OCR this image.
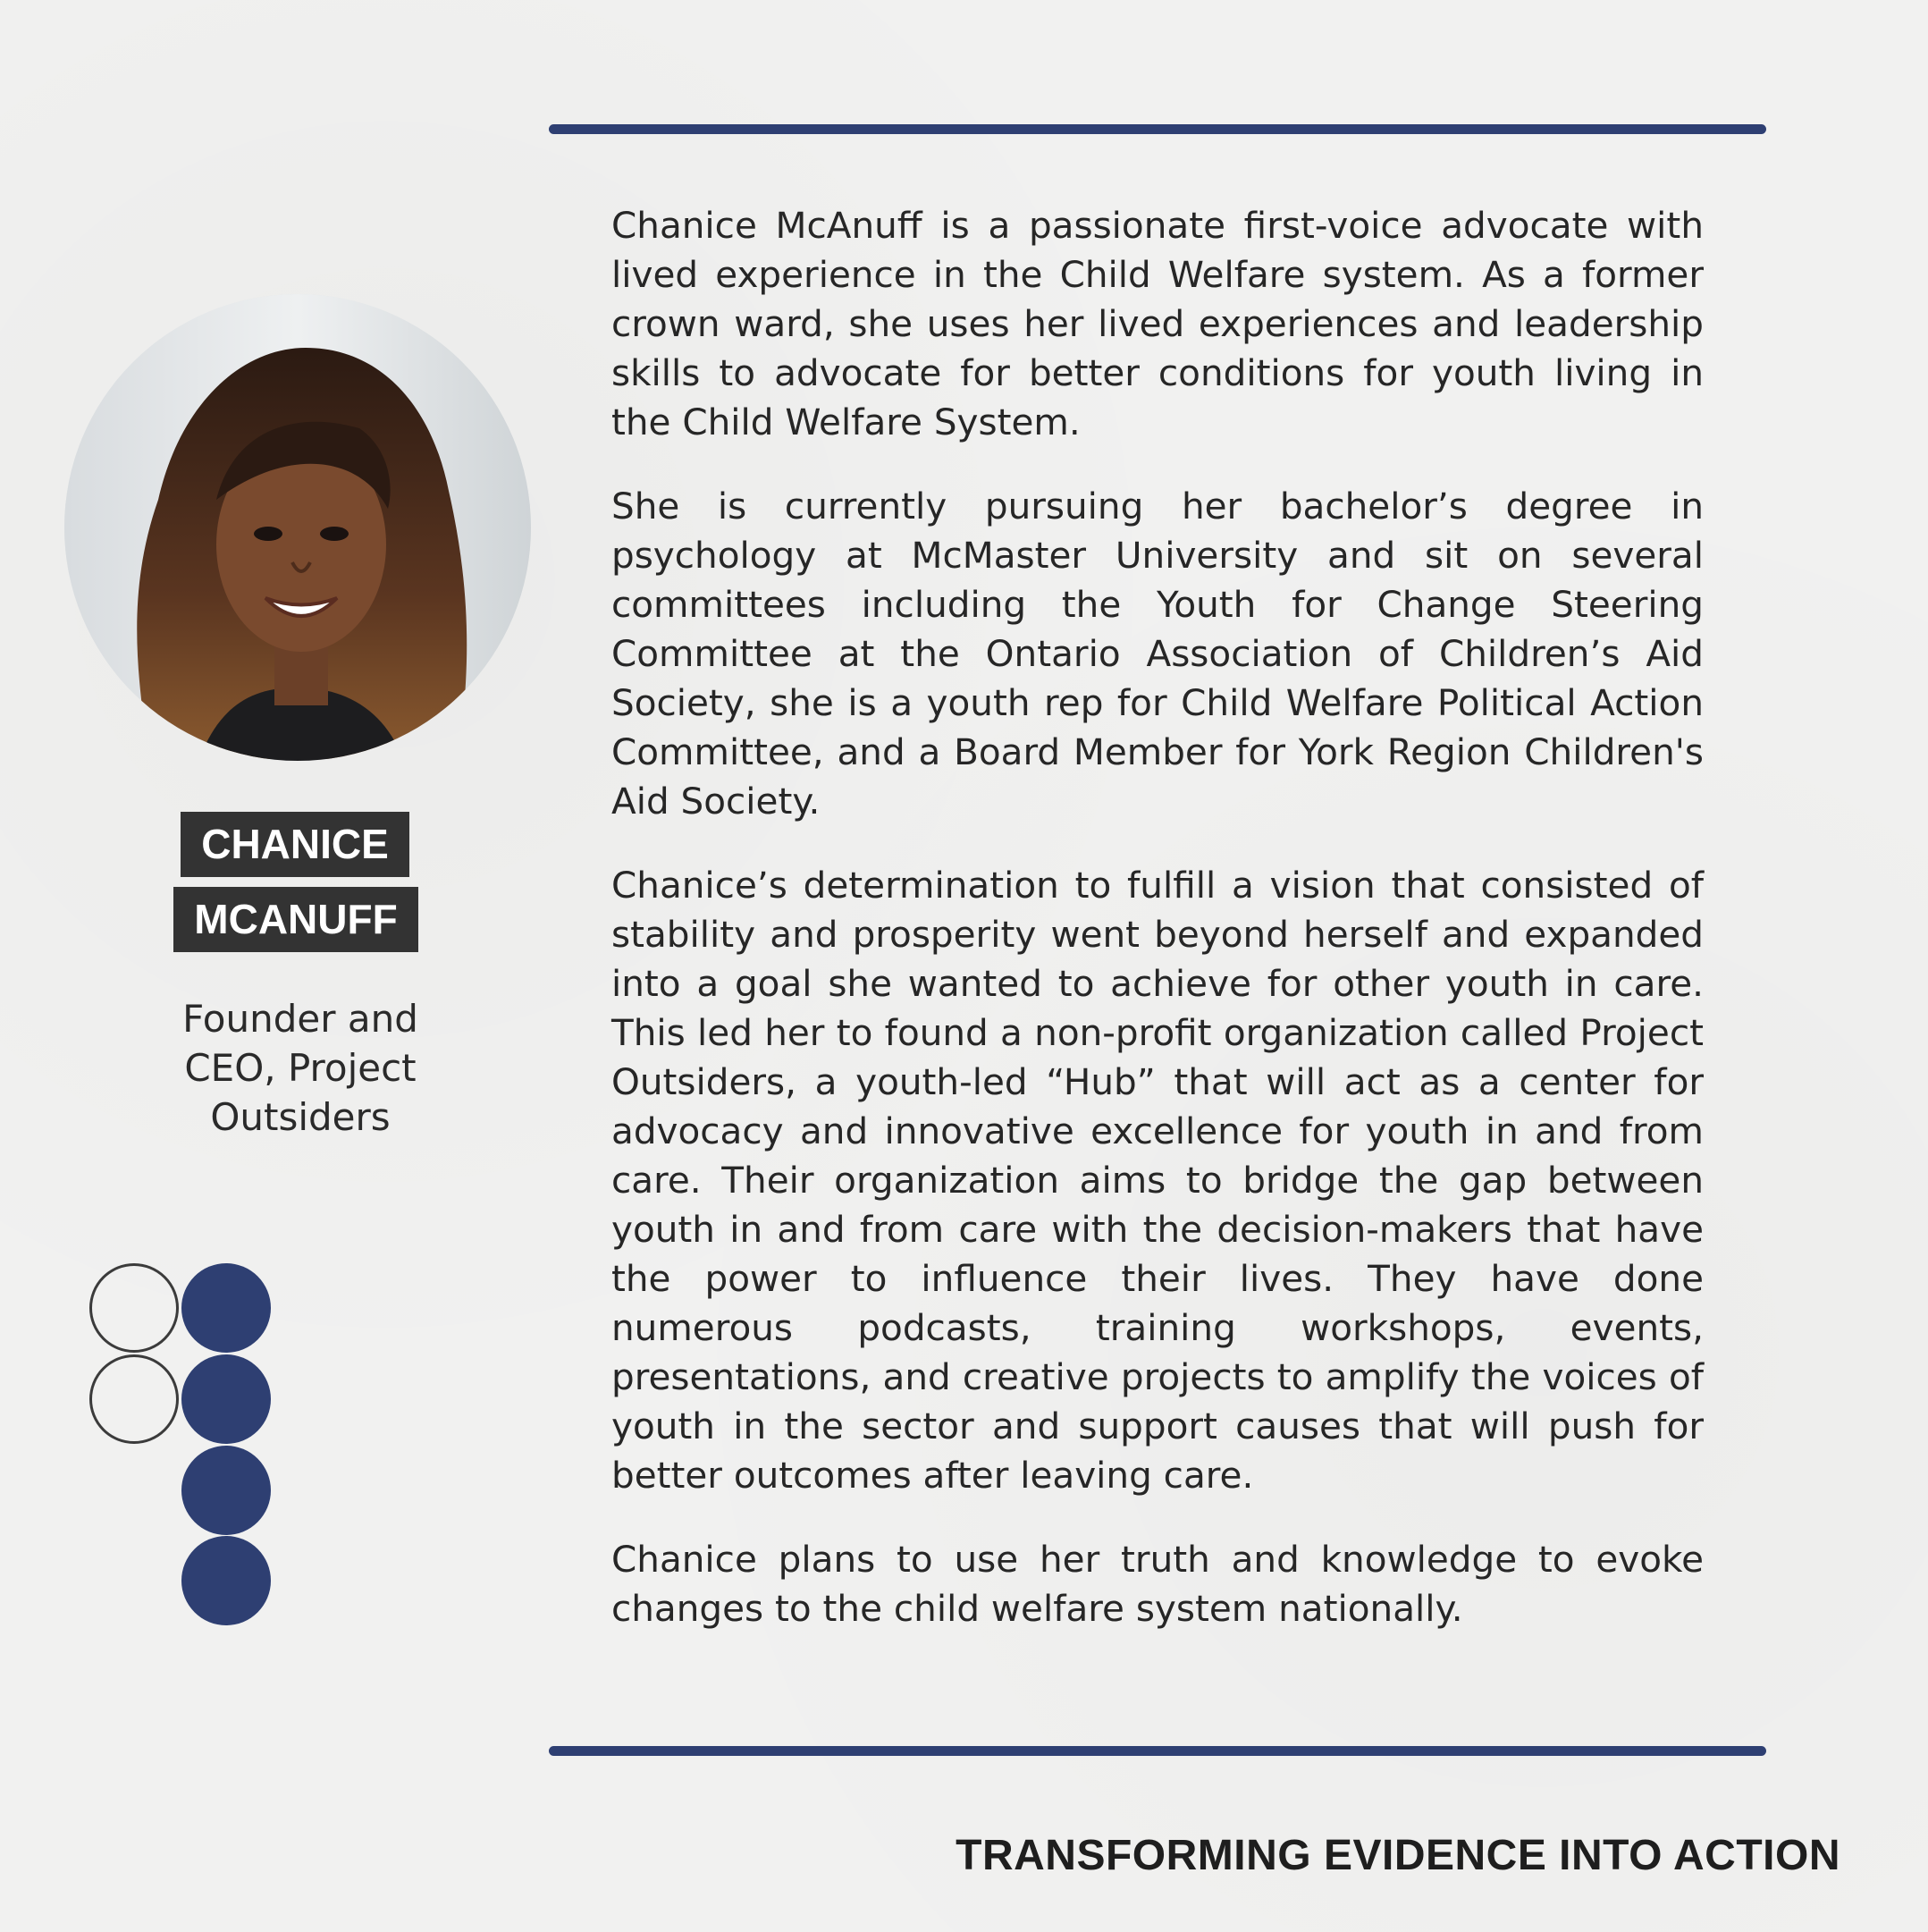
CHANICE
MCANUFF
Founder and CEO, Project Outsiders

Chanice McAnuff is a passionate first-voice advocate with lived experience in the Child Welfare system. As a former crown ward, she uses her lived experiences and leadership skills to advocate for better conditions for youth living in the Child Welfare System.

She is currently pursuing her bachelor’s degree in psychology at McMaster University and sit on several committees including the Youth for Change Steering Committee at the Ontario Association of Children’s Aid Society, she is a youth rep for Child Welfare Political Action Committee, and a Board Member for York Region Children's Aid Society.

Chanice’s determination to fulfill a vision that consisted of stability and prosperity went beyond herself and expanded into a goal she wanted to achieve for other youth in care. This led her to found a non-profit organization called Project Outsiders, a youth-led “Hub” that will act as a center for advocacy and innovative excellence for youth in and from care. Their organization aims to bridge the gap between youth in and from care with the decision-makers that have the power to influence their lives. They have done numerous podcasts, training workshops, events, presentations, and creative projects to amplify the voices of youth in the sector and support causes that will push for better outcomes after leaving care.

Chanice plans to use her truth and knowledge to evoke changes to the child welfare system nationally.

TRANSFORMING EVIDENCE INTO ACTION
